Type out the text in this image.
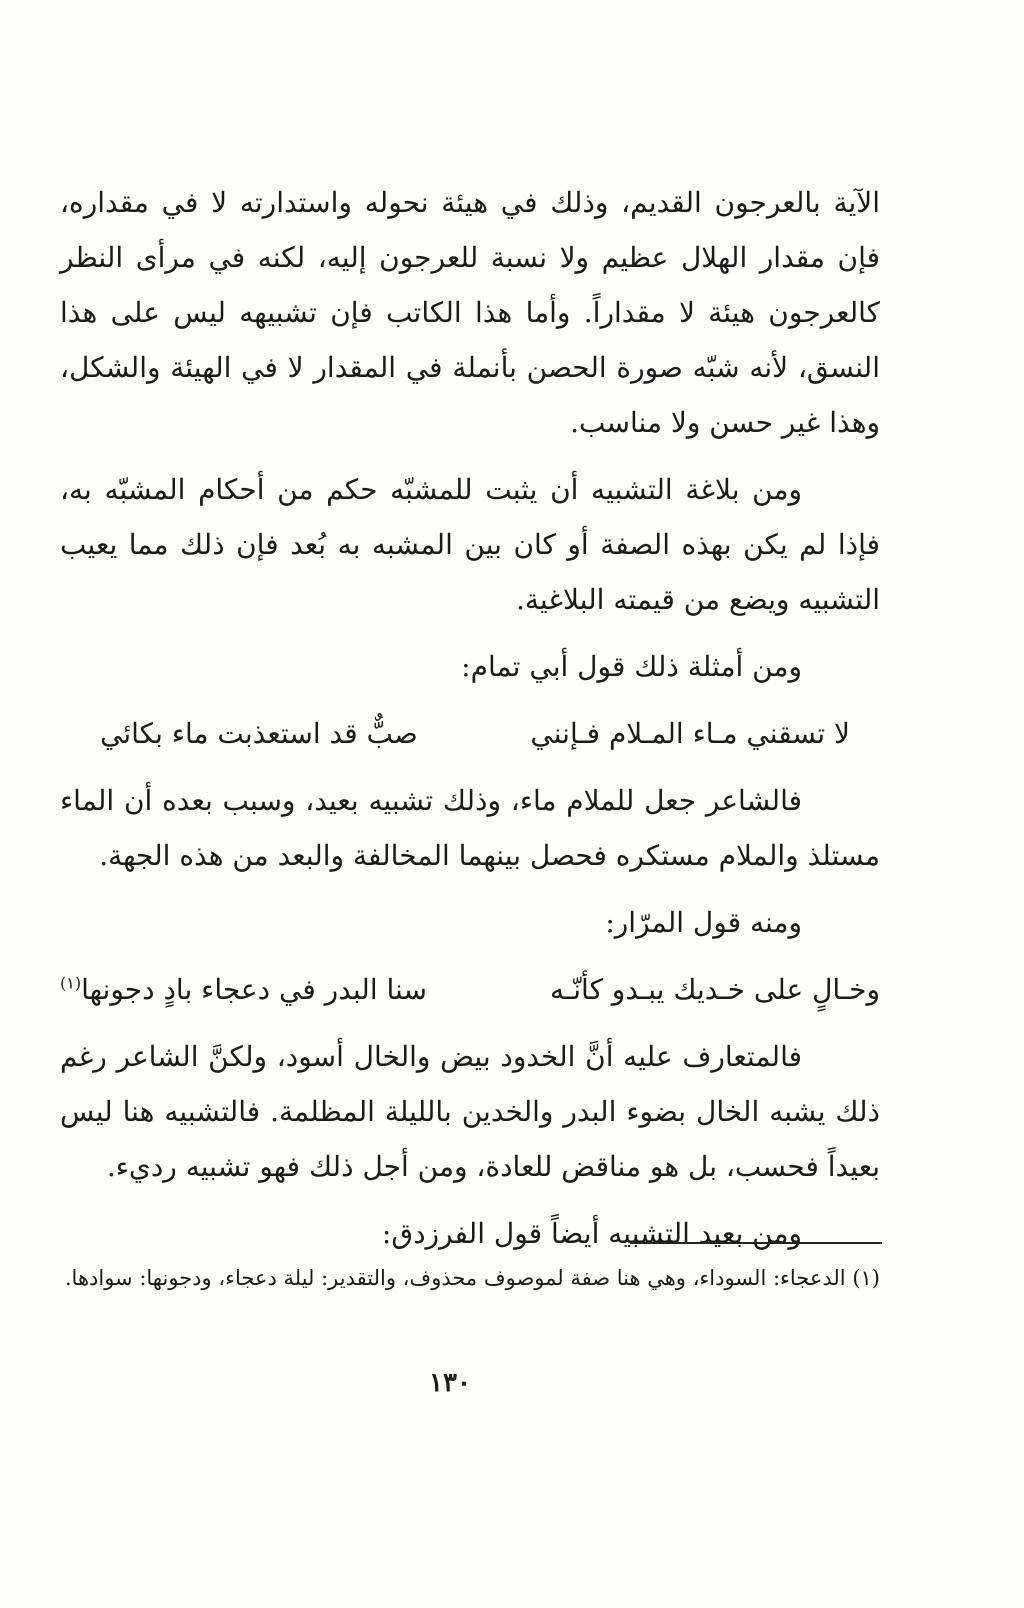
الآية بالعرجون القديم، وذلك في هيئة نحوله واستدارته لا في مقداره، فإن مقدار الهلال عظيم ولا نسبة للعرجون إليه، لكنه في مرأى النظر كالعرجون هيئة لا مقداراً. وأما هذا الكاتب فإن تشبيهه ليس على هذا النسق، لأنه شبّه صورة الحصن بأنملة في المقدار لا في الهيئة والشكل، وهذا غير حسن ولا مناسب.

ومن بلاغة التشبيه أن يثبت للمشبّه حكم من أحكام المشبّه به، فإذا لم يكن بهذه الصفة أو كان بين المشبه به بُعد فإن ذلك مما يعيب التشبيه ويضع من قيمته البلاغية.

ومن أمثلة ذلك قول أبي تمام:

لا تسقني مـاء المـلام فـإنني
صبٌّ قد استعذبت ماء بكائي

فالشاعر جعل للملام ماء، وذلك تشبيه بعيد، وسبب بعده أن الماء مستلذ والملام مستكره فحصل بينهما المخالفة والبعد من هذه الجهة.

ومنه قول المرّار:

وخـالٍ على خـديك يبـدو كأنّـه
سنا البدر في دعجاء بادٍ دجونها$^{(١)}$

فالمتعارف عليه أنَّ الخدود بيض والخال أسود، ولكنَّ الشاعر رغم ذلك يشبه الخال بضوء البدر والخدين بالليلة المظلمة. فالتشبيه هنا ليس بعيداً فحسب، بل هو مناقض للعادة، ومن أجل ذلك فهو تشبيه رديء.

ومن بعيد التشبيه أيضاً قول الفرزدق:

(١) الدعجاء: السوداء، وهي هنا صفة لموصوف محذوف، والتقدير: ليلة دعجاء، ودجونها: سوادها.

١٣٠
